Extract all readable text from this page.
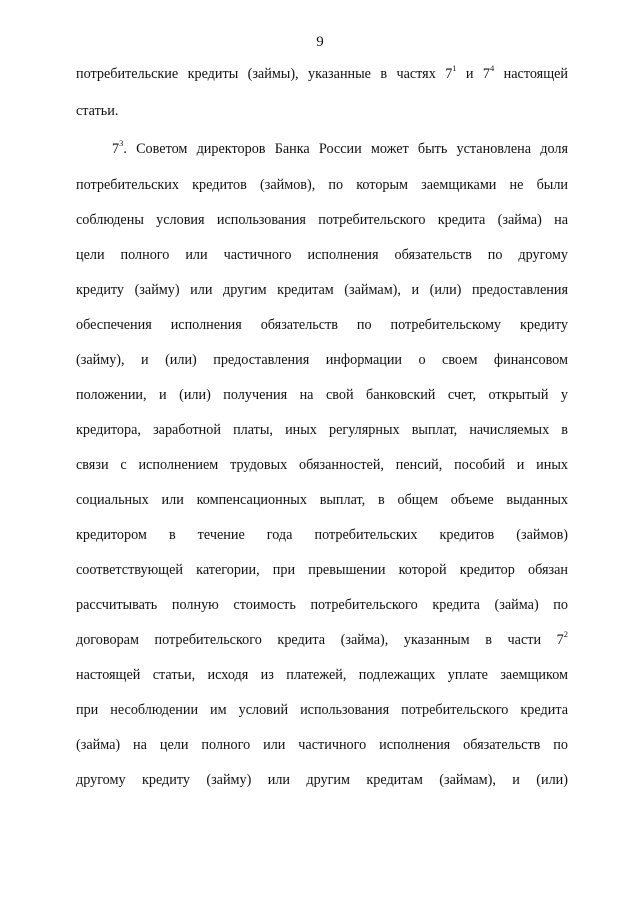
9
потребительские кредиты (займы), указанные в частях $7^1$ и $7^4$ настоящей
статьи.
$7^3$. Советом директоров Банка России может быть установлена доля
потребительских кредитов (займов), по которым заемщиками не были
соблюдены условия использования потребительского кредита (займа) на
цели полного или частичного исполнения обязательств по другому
кредиту (займу) или другим кредитам (займам), и (или) предоставления
обеспечения исполнения обязательств по потребительскому кредиту
(займу), и (или) предоставления информации о своем финансовом
положении, и (или) получения на свой банковский счет, открытый у
кредитора, заработной платы, иных регулярных выплат, начисляемых в
связи с исполнением трудовых обязанностей, пенсий, пособий и иных
социальных или компенсационных выплат, в общем объеме выданных
кредитором в течение года потребительских кредитов (займов)
соответствующей категории, при превышении которой кредитор обязан
рассчитывать полную стоимость потребительского кредита (займа) по
договорам потребительского кредита (займа), указанным в части $7^2$
настоящей статьи, исходя из платежей, подлежащих уплате заемщиком
при несоблюдении им условий использования потребительского кредита
(займа) на цели полного или частичного исполнения обязательств по
другому кредиту (займу) или другим кредитам (займам), и (или)
